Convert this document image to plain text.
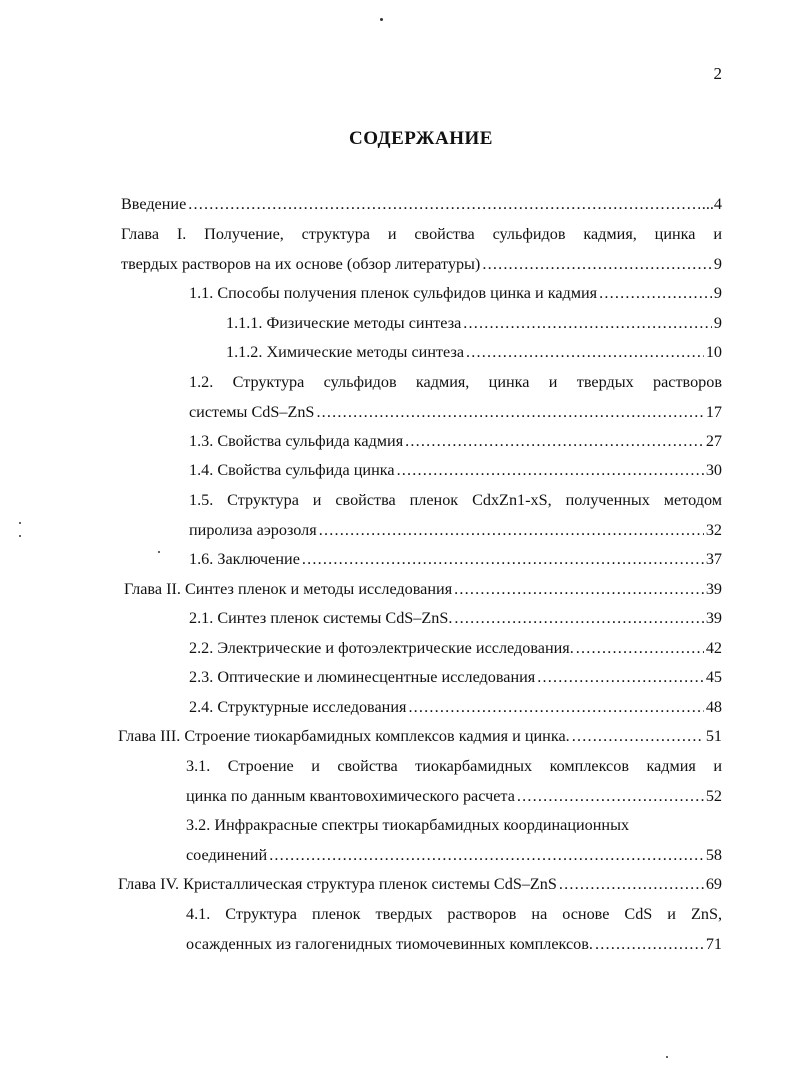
2
СОДЕРЖАНИЕ
Введение .....	... 4
Глава I. Получение, структура и свойства сульфидов кадмия, цинка и
твердых растворов на их основе (обзор литературы) .....	9
1.1. Способы получения пленок сульфидов цинка и кадмия .....	9
1.1.1. Физические методы синтеза .....	9
1.1.2. Химические методы синтеза .....	10
1.2. Структура сульфидов кадмия, цинка и твердых растворов
системы CdS–ZnS .....	17
1.3. Свойства сульфида кадмия .....	27
1.4. Свойства сульфида цинка .....	30
1.5. Структура и свойства пленок CdxZn1-xS, полученных методом
пиролиза аэрозоля .....	32
1.6. Заключение .....	37
Глава II. Синтез пленок и методы исследования .....	39
2.1. Синтез пленок системы CdS–ZnS. .....	39
2.2. Электрические и фотоэлектрические исследования. .....	42
2.3. Оптические и люминесцентные исследования .....	45
2.4. Структурные исследования .....	48
Глава III. Строение тиокарбамидных комплексов кадмия и цинка. .....	51
3.1. Строение и свойства тиокарбамидных комплексов кадмия и
цинка по данным квантовохимического расчета .....	52
3.2. Инфракрасные спектры тиокарбамидных координационных
соединений .....	58
Глава IV. Кристаллическая структура пленок системы CdS–ZnS .....	69
4.1. Структура пленок твердых растворов на основе CdS и ZnS,
осажденных из галогенидных тиомочевинных комплексов. .....	71
